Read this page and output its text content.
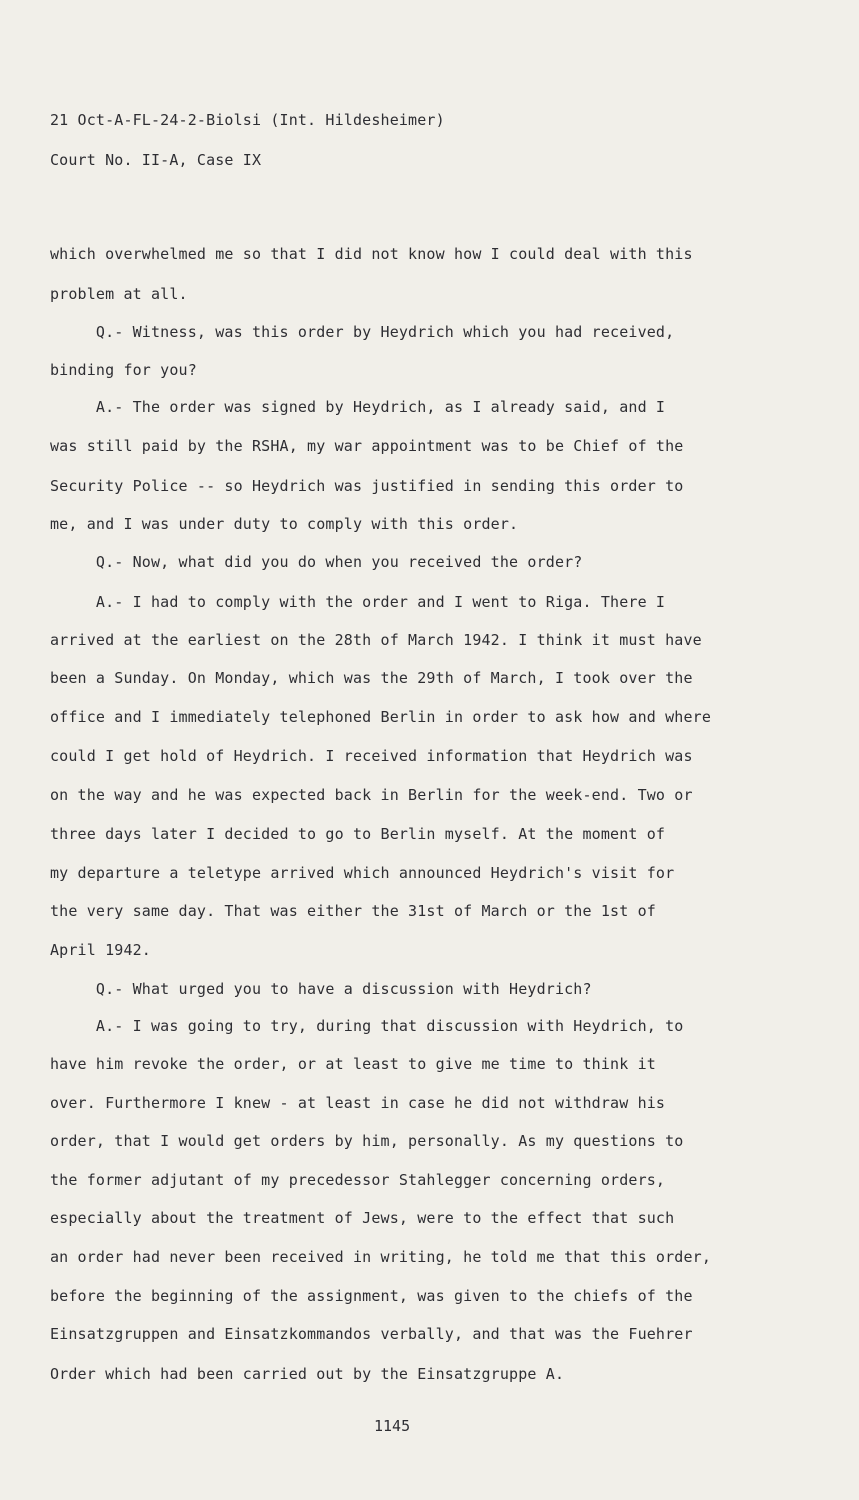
21 Oct-A-FL-24-2-Biolsi (Int. Hildesheimer)
Court No. II-A, Case IX
which overwhelmed me so that I did not know how I could deal with this
problem at all.
Q.- Witness, was this order by Heydrich which you had received,
binding for you?
A.- The order was signed by Heydrich, as I already said, and I
was still paid by the RSHA, my war appointment was to be Chief of the
Security Police -- so Heydrich was justified in sending this order to
me, and I was under duty to comply with this order.
Q.- Now, what did you do when you received the order?
A.- I had to comply with the order and I went to Riga. There I
arrived at the earliest on the 28th of March 1942. I think it must have
been a Sunday. On Monday, which was the 29th of March, I took over the
office and I immediately telephoned Berlin in order to ask how and where
could I get hold of Heydrich. I received information that Heydrich was
on the way and he was expected back in Berlin for the week-end. Two or
three days later I decided to go to Berlin myself. At the moment of
my departure a teletype arrived which announced Heydrich's visit for
the very same day. That was either the 31st of March or the 1st of
April 1942.
Q.- What urged you to have a discussion with Heydrich?
A.- I was going to try, during that discussion with Heydrich, to
have him revoke the order, or at least to give me time to think it
over. Furthermore I knew - at least in case he did not withdraw his
order, that I would get orders by him, personally. As my questions to
the former adjutant of my precedessor Stahlegger concerning orders,
especially about the treatment of Jews, were to the effect that such
an order had never been received in writing, he told me that this order,
before the beginning of the assignment, was given to the chiefs of the
Einsatzgruppen and Einsatzkommandos verbally, and that was the Fuehrer
Order which had been carried out by the Einsatzgruppe A.
1145
